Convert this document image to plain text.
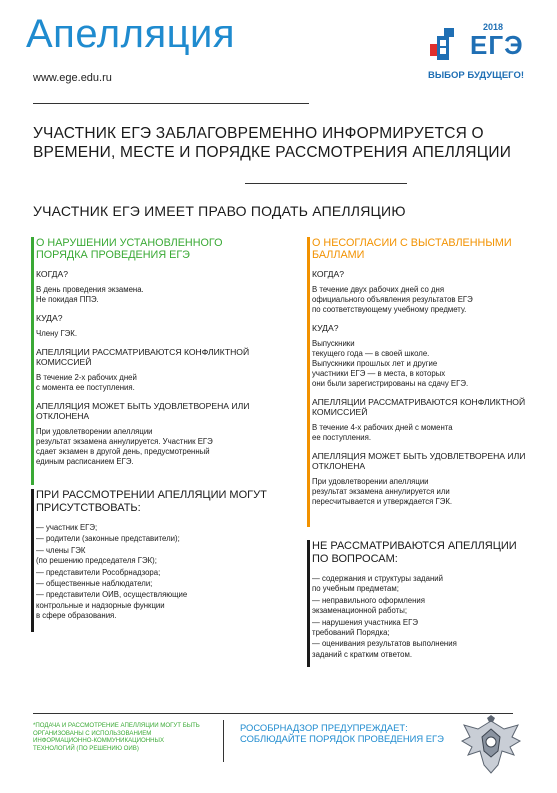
Апелляция
www.ege.edu.ru
2018
ЕГЭ
ВЫБОР БУДУЩЕГО!
УЧАСТНИК ЕГЭ ЗАБЛАГОВРЕМЕННО ИНФОРМИРУЕТСЯ О ВРЕМЕНИ, МЕСТЕ И ПОРЯДКЕ РАССМОТРЕНИЯ АПЕЛЛЯЦИИ
УЧАСТНИК ЕГЭ ИМЕЕТ ПРАВО ПОДАТЬ АПЕЛЛЯЦИЮ
О НАРУШЕНИИ УСТАНОВЛЕННОГО ПОРЯДКА ПРОВЕДЕНИЯ ЕГЭ
КОГДА?
В день проведения экзамена.
Не покидая ППЭ.
КУДА?
Члену ГЭК.
АПЕЛЛЯЦИИ РАССМАТРИВАЮТСЯ КОНФЛИКТНОЙ КОМИССИЕЙ
В течение 2-х рабочих дней
с момента ее поступления.
АПЕЛЛЯЦИЯ МОЖЕТ БЫТЬ УДОВЛЕТВОРЕНА ИЛИ ОТКЛОНЕНА
При удовлетворении апелляции
результат экзамена аннулируется. Участник ЕГЭ
сдает экзамен в другой день, предусмотренный
единым расписанием ЕГЭ.
О НЕСОГЛАСИИ С ВЫСТАВЛЕННЫМИ БАЛЛАМИ
КОГДА?
В течение двух рабочих дней со дня
официального объявления результатов ЕГЭ
по соответствующему учебному предмету.
КУДА?
Выпускники
текущего года — в своей школе.
Выпускники прошлых лет и другие
участники ЕГЭ — в места, в которых
они были зарегистрированы на сдачу ЕГЭ.
АПЕЛЛЯЦИИ РАССМАТРИВАЮТСЯ КОНФЛИКТНОЙ КОМИССИЕЙ
В течение 4-х рабочих дней с момента
ее поступления.
АПЕЛЛЯЦИЯ МОЖЕТ БЫТЬ УДОВЛЕТВОРЕНА ИЛИ ОТКЛОНЕНА
При удовлетворении апелляции
результат экзамена аннулируется или
пересчитывается и утверждается ГЭК.
ПРИ РАССМОТРЕНИИ АПЕЛЛЯЦИИ МОГУТ ПРИСУТСТВОВАТЬ:
— участник ЕГЭ;
— родители (законные представители);
— члены ГЭК
(по решению председателя ГЭК);
— представители Рособрнадзора;
— общественные наблюдатели;
— представители ОИВ, осуществляющие
контрольные и надзорные функции
в сфере образования.
НЕ РАССМАТРИВАЮТСЯ АПЕЛЛЯЦИИ ПО ВОПРОСАМ:
— содержания и структуры заданий
по учебным предметам;
— неправильного оформления
экзаменационной работы;
— нарушения участника ЕГЭ
требований Порядка;
— оценивания результатов выполнения
заданий с кратким ответом.
*ПОДАЧА И РАССМОТРЕНИЕ АПЕЛЛЯЦИИ МОГУТ БЫТЬ ОРГАНИЗОВАНЫ С ИСПОЛЬЗОВАНИЕМ ИНФОРМАЦИОННО-КОММУНИКАЦИОННЫХ ТЕХНОЛОГИЙ (ПО РЕШЕНИЮ ОИВ)
РОСОБРНАДЗОР ПРЕДУПРЕЖДАЕТ: СОБЛЮДАЙТЕ ПОРЯДОК ПРОВЕДЕНИЯ ЕГЭ
